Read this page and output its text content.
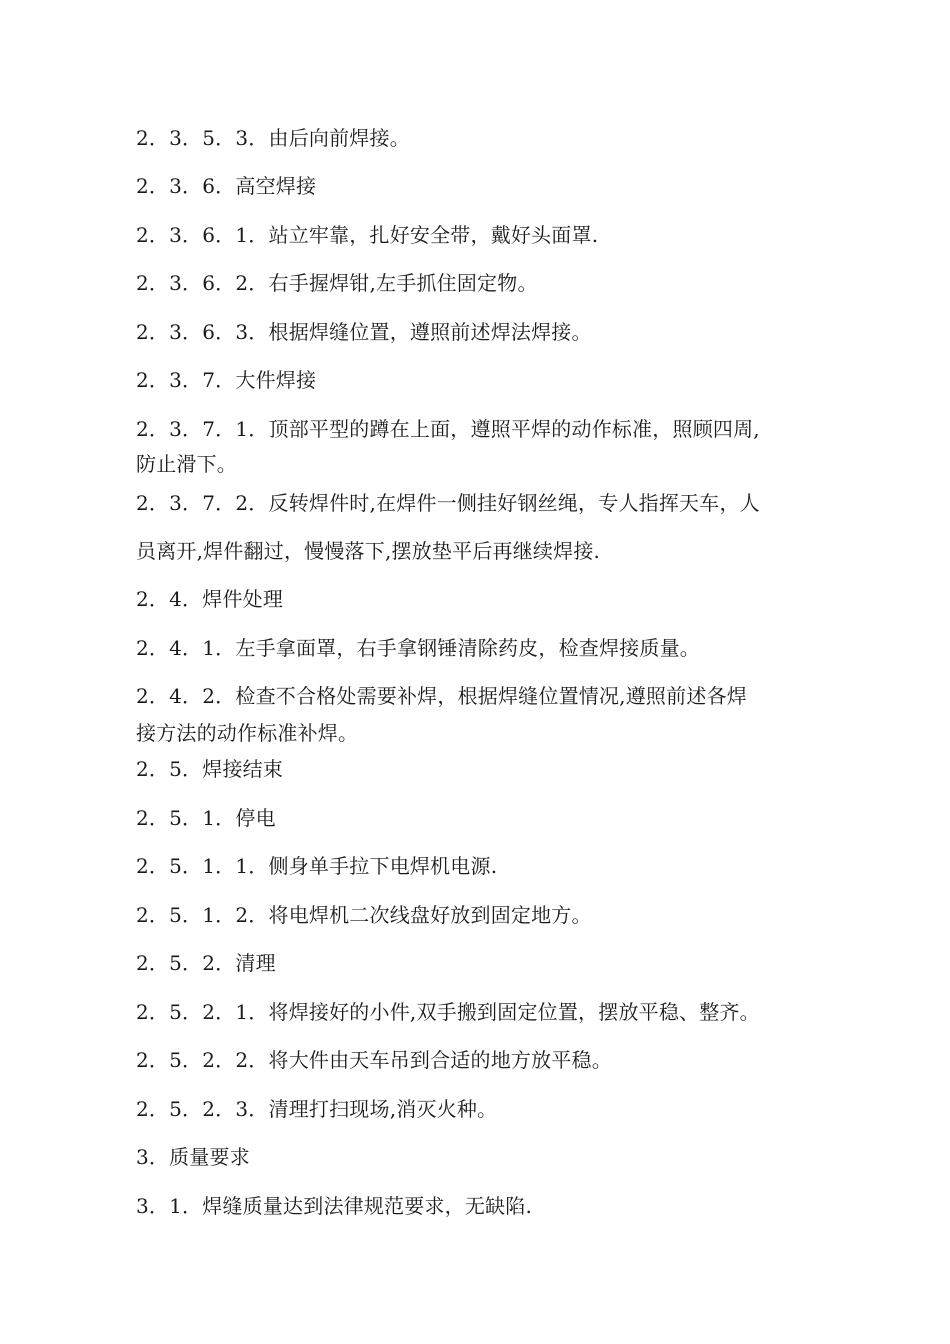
2．3．5．3．由后向前焊接。
2．3．6．高空焊接
2．3．6．1．站立牢靠，扎好安全带，戴好头面罩.
2．3．6．2．右手握焊钳,左手抓住固定物。
2．3．6．3．根据焊缝位置，遵照前述焊法焊接。
2．3．7．大件焊接
2．3．7．1．顶部平型的蹲在上面，遵照平焊的动作标准，照顾四周,
防止滑下。
2．3．7．2．反转焊件时,在焊件一侧挂好钢丝绳，专人指挥天车，人
员离开,焊件翻过，慢慢落下,摆放垫平后再继续焊接.
2．4．焊件处理
2．4．1．左手拿面罩，右手拿钢锤清除药皮，检查焊接质量。
2．4．2．检查不合格处需要补焊，根据焊缝位置情况,遵照前述各焊
接方法的动作标准补焊。
2．5．焊接结束
2．5．1．停电
2．5．1．1．侧身单手拉下电焊机电源.
2．5．1．2．将电焊机二次线盘好放到固定地方。
2．5．2．清理
2．5．2．1．将焊接好的小件,双手搬到固定位置，摆放平稳、整齐。
2．5．2．2．将大件由天车吊到合适的地方放平稳。
2．5．2．3．清理打扫现场,消灭火种。
3．质量要求
3．1．焊缝质量达到法律规范要求，无缺陷.
